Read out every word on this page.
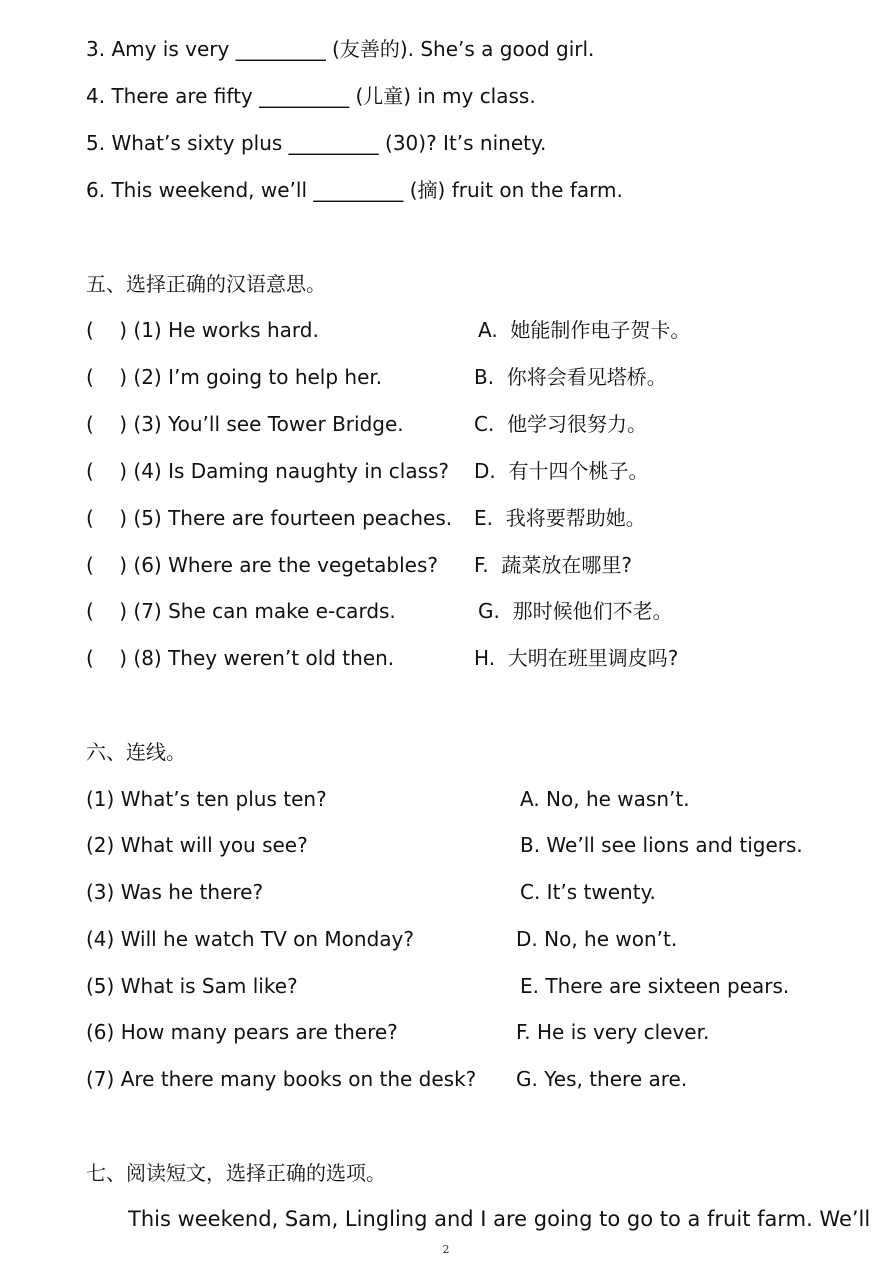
3. Amy is very _________ (友善的). She’s a good girl.
4. There are fifty _________ (儿童) in my class.
5. What’s sixty plus _________ (30)? It’s ninety.
6. This weekend, we’ll _________ (摘) fruit on the farm.
五、选择正确的汉语意思。
(    ) (1) He works hard.	A.  她能制作电子贺卡。
(    ) (2) I’m going to help her.	B.  你将会看见塔桥。
(    ) (3) You’ll see Tower Bridge.	C.  他学习很努力。
(    ) (4) Is Daming naughty in class? D.  有十四个桃子。
(    ) (5) There are fourteen peaches. E.  我将要帮助她。
(    ) (6) Where are the vegetables? F.  蔬菜放在哪里?
(    ) (7) She can make e-cards.	G.  那时候他们不老。
(    ) (8) They weren’t old then.	H.  大明在班里调皮吗?
六、连线。
(1) What’s ten plus ten?	A. No, he wasn’t.
(2) What will you see?	B. We’ll see lions and tigers.
(3) Was he there?	C. It’s twenty.
(4) Will he watch TV on Monday?	D. No, he won’t.
(5) What is Sam like?	E. There are sixteen pears.
(6) How many pears are there?	F. He is very clever.
(7) Are there many books on the desk? G. Yes, there are.
七、阅读短文，选择正确的选项。
This weekend, Sam, Lingling and I are going to go to a fruit farm. We’ll
2
